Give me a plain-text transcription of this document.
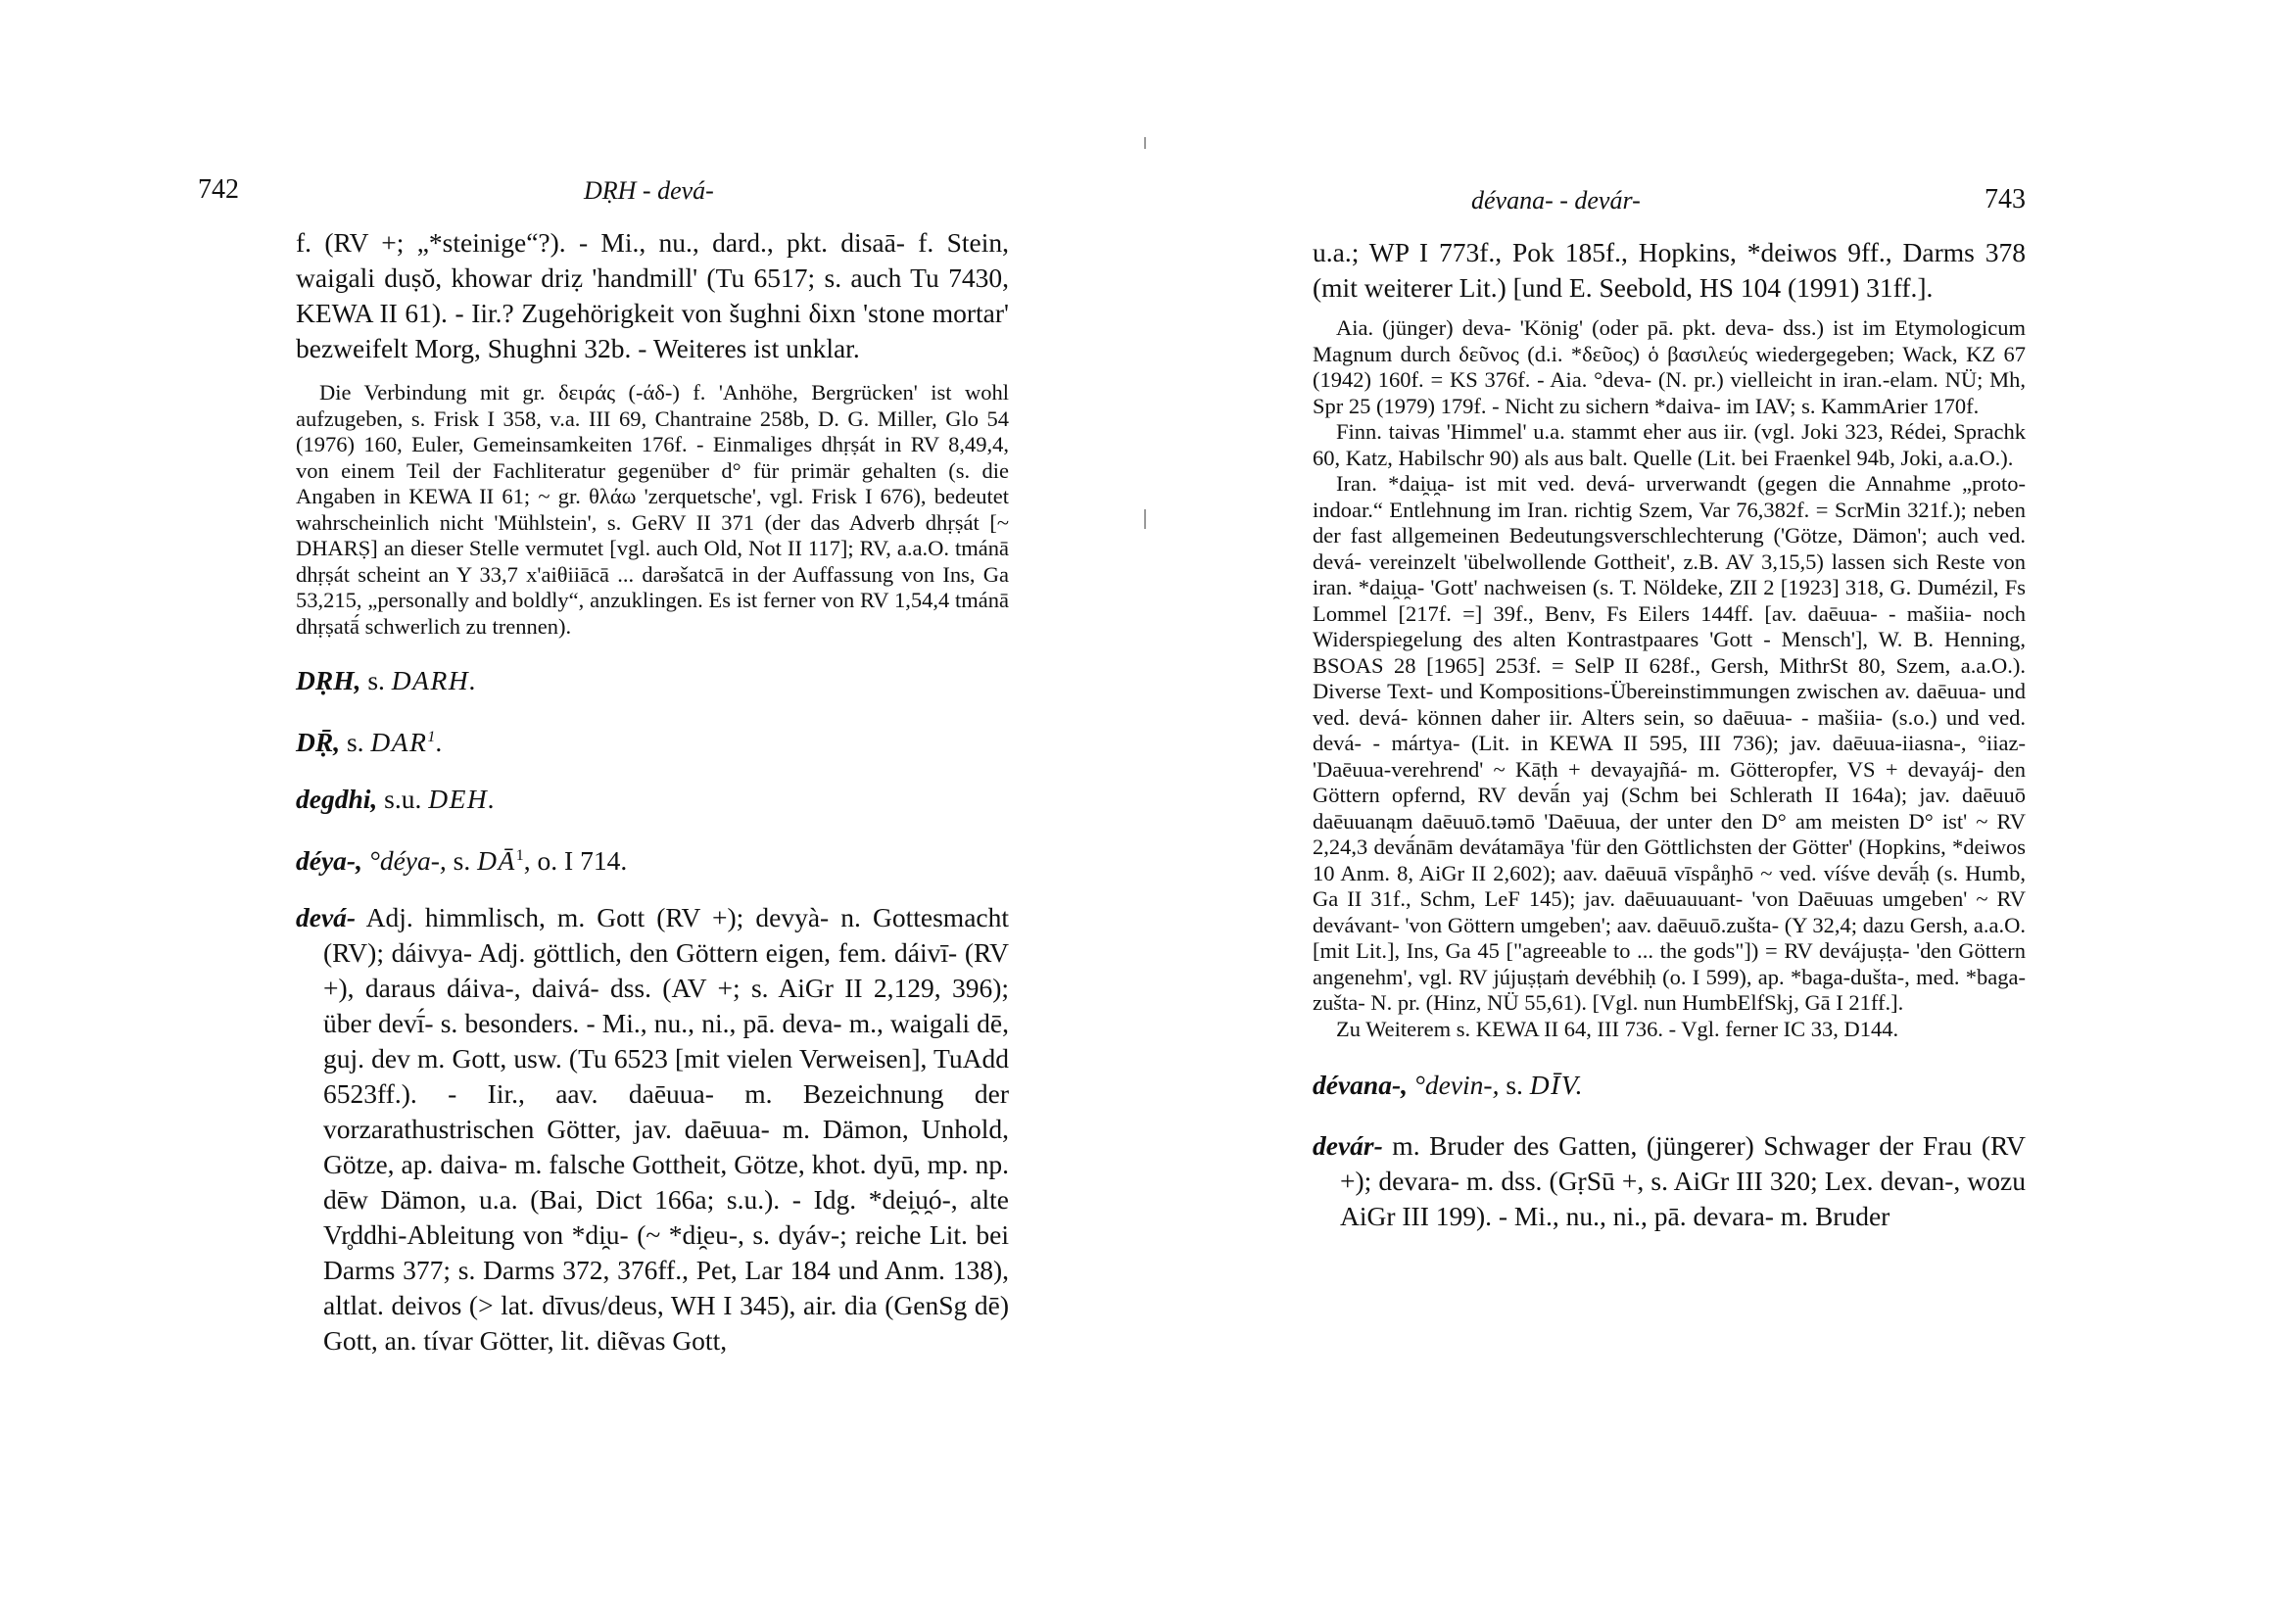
742	DṚH - devá-

f. (RV +; „*steinige“?). - Mi., nu., dard., pkt. disaā- f. Stein, waigali duṣŏ, khowar driẓ 'handmill' (Tu 6517; s. auch Tu 7430, KEWA II 61). - Iir.? Zugehörigkeit von šughni δixn 'stone mortar' bezweifelt Morg, Shughni 32b. - Weiteres ist unklar.

Die Verbindung mit gr. δειράς (-άδ-) f. 'Anhöhe, Bergrücken' ist wohl aufzugeben, s. Frisk I 358, v.a. III 69, Chantraine 258b, D. G. Miller, Glo 54 (1976) 160, Euler, Gemeinsamkeiten 176f. - Einmaliges dhṛṣát in RV 8,49,4, von einem Teil der Fachliteratur gegenüber d° für primär gehalten (s. die Angaben in KEWA II 61; ~ gr. θλάω 'zerquetsche', vgl. Frisk I 676), bedeutet wahrscheinlich nicht 'Mühlstein', s. GeRV II 371 (der das Adverb dhṛṣát [~ DHARṢ] an dieser Stelle vermutet [vgl. auch Old, Not II 117]; RV, a.a.O. tmánā dhṛṣát scheint an Y 33,7 x'aiθiiācā ... darəšatcā in der Auffassung von Ins, Ga 53,215, „personally and boldly“, anzuklingen. Es ist ferner von RV 1,54,4 tmánā dhṛṣatā́ schwerlich zu trennen).

DṚH, s. DARH.

DṜ, s. DAR$^1$.

degdhi, s.u. DEH.

déya-, °déya-, s. $DĀ^1$, o. I 714.

devá- Adj. himmlisch, m. Gott (RV +); devyà- n. Gottesmacht (RV); dáivya- Adj. göttlich, den Göttern eigen, fem. dáivī- (RV +), daraus dáiva-, daivá- dss. (AV +; s. AiGr II 2,129, 396); über devī́- s. besonders. - Mi., nu., ni., pā. deva- m., waigali dē, guj. dev m. Gott, usw. (Tu 6523 [mit vielen Verweisen], TuAdd 6523ff.). - Iir., aav. daēuua- m. Bezeichnung der vorzarathustrischen Götter, jav. daēuua- m. Dämon, Unhold, Götze, ap. daiva- m. falsche Gottheit, Götze, khot. dyū, mp. np. dēw Dämon, u.a. (Bai, Dict 166a; s.u.). - Idg. *dei̯u̯ó-, alte Vr̥ddhi-Ableitung von *di̯u- (~ *di̯eu-, s. dyáv-; reiche Lit. bei Darms 377; s. Darms 372, 376ff., Pet, Lar 184 und Anm. 138), altlat. deivos (> lat. dīvus/deus, WH I 345), air. dia (GenSg dē) Gott, an. tívar Götter, lit. diẽvas Gott,

dévana- - devár-	743

u.a.; WP I 773f., Pok 185f., Hopkins, *deiwos 9ff., Darms 378 (mit weiterer Lit.) [und E. Seebold, HS 104 (1991) 31ff.].

Aia. (jünger) deva- 'König' (oder pā. pkt. deva- dss.) ist im Etymologicum Magnum durch δεῦνος (d.i. *δεῦος) ὁ βασιλεύς wiedergegeben; Wack, KZ 67 (1942) 160f. = KS 376f. - Aia. °deva- (N. pr.) vielleicht in iran.-elam. NÜ; Mh, Spr 25 (1979) 179f. - Nicht zu sichern *daiva- im IAV; s. KammArier 170f.

Finn. taivas 'Himmel' u.a. stammt eher aus iir. (vgl. Joki 323, Rédei, Sprachk 60, Katz, Habilschr 90) als aus balt. Quelle (Lit. bei Fraenkel 94b, Joki, a.a.O.).

Iran. *dai̯u̯a- ist mit ved. devá- urverwandt (gegen die Annahme „proto-indoar.“ Entlehnung im Iran. richtig Szem, Var 76,382f. = ScrMin 321f.); neben der fast allgemeinen Bedeutungsverschlechterung ('Götze, Dämon'; auch ved. devá- vereinzelt 'übelwollende Gottheit', z.B. AV 3,15,5) lassen sich Reste von iran. *dai̯u̯a- 'Gott' nachweisen (s. T. Nöldeke, ZII 2 [1923] 318, G. Dumézil, Fs Lommel [217f. =] 39f., Benv, Fs Eilers 144ff. [av. daēuua- - mašiia- noch Widerspiegelung des alten Kontrastpaares 'Gott - Mensch'], W. B. Henning, BSOAS 28 [1965] 253f. = SelP II 628f., Gersh, MithrSt 80, Szem, a.a.O.). Diverse Text- und Kompositions-Übereinstimmungen zwischen av. daēuua- und ved. devá- können daher iir. Alters sein, so daēuua- - mašiia- (s.o.) und ved. devá- - mártya- (Lit. in KEWA II 595, III 736); jav. daēuua-iiasna-, °iiaz- 'Daēuua-verehrend' ~ Kāṭh + devayajñá- m. Götteropfer, VS + devayáj- den Göttern opfernd, RV devā́n yaj (Schm bei Schlerath II 164a); jav. daēuuō daēuuanąm daēuuō.təmō 'Daēuua, der unter den D° am meisten D° ist' ~ RV 2,24,3 devā́nām devátamāya 'für den Göttlichsten der Götter' (Hopkins, *deiwos 10 Anm. 8, AiGr II 2,602); aav. daēuuā vīspåŋhō ~ ved. víśve devā́ḥ (s. Humb, Ga II 31f., Schm, LeF 145); jav. daēuuauuant- 'von Daēuuas umgeben' ~ RV devávant- 'von Göttern umgeben'; aav. daēuuō.zušta- (Y 32,4; dazu Gersh, a.a.O. [mit Lit.], Ins, Ga 45 ["agreeable to ... the gods"]) = RV devájuṣṭa- 'den Göttern angenehm', vgl. RV jújuṣṭaṁ devébhiḥ (o. I 599), ap. *baga-dušta-, med. *baga-zušta- N. pr. (Hinz, NÜ 55,61). [Vgl. nun HumbElfSkj, Gā I 21ff.].

Zu Weiterem s. KEWA II 64, III 736. - Vgl. ferner IC 33, D144.

dévana-, °devin-, s. DĪV.

devár- m. Bruder des Gatten, (jüngerer) Schwager der Frau (RV +); devara- m. dss. (GṛSū +, s. AiGr III 320; Lex. devan-, wozu AiGr III 199). - Mi., nu., ni., pā. devara- m. Bruder
